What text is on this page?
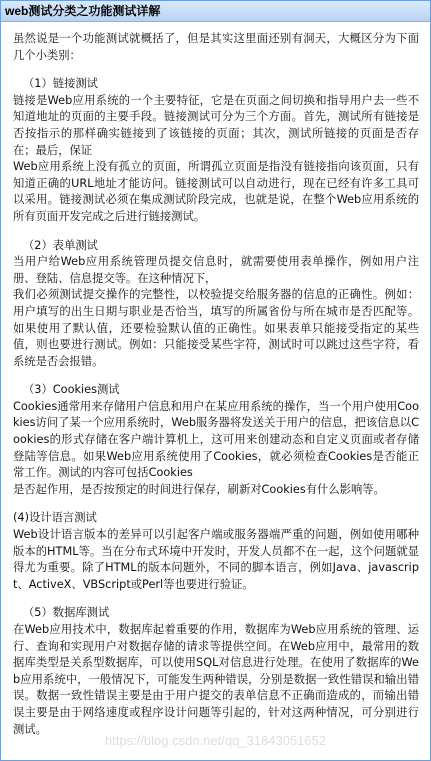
web测试分类之功能测试详解
虽然说是一个功能测试就概括了，但是其实这里面还别有洞天，大概区分为下面几个小类别：
（1）链接测试
链接是Web应用系统的一个主要特征，它是在页面之间切换和指导用户去一些不知道地址的页面的主要手段。链接测试可分为三个方面。首先，测试所有链接是否按指示的那样确实链接到了该链接的页面；其次，测试所链接的页面是否存在；最后，保证
Web应用系统上没有孤立的页面，所谓孤立页面是指没有链接指向该页面，只有知道正确的URL地址才能访问。链接测试可以自动进行，现在已经有许多工具可以采用。链接测试必须在集成测试阶段完成，也就是说，在整个Web应用系统的所有页面开发完成之后进行链接测试。
（2）表单测试
当用户给Web应用系统管理员提交信息时，就需要使用表单操作，例如用户注册、登陆、信息提交等。在这种情况下，
我们必须测试提交操作的完整性，以校验提交给服务器的信息的正确性。例如：用户填写的出生日期与职业是否恰当，填写的所属省份与所在城市是否匹配等。如果使用了默认值，还要检验默认值的正确性。如果表单只能接受指定的某些值，则也要进行测试。例如：只能接受某些字符，测试时可以跳过这些字符，看系统是否会报错。
（3）Cookies测试
Cookies通常用来存储用户信息和用户在某应用系统的操作，当一个用户使用Cookies访问了某一个应用系统时，Web服务器将发送关于用户的信息，把该信息以Cookies的形式存储在客户端计算机上，这可用来创建动态和自定义页面或者存储登陆等信息。如果Web应用系统使用了Cookies，就必须检查Cookies是否能正常工作。测试的内容可包括Cookies
是否起作用，是否按预定的时间进行保存，刷新对Cookies有什么影响等。
(4)设计语言测试
Web设计语言版本的差异可以引起客户端或服务器端严重的问题，例如使用哪种版本的HTML等。当在分布式环境中开发时，开发人员都不在一起，这个问题就显得尤为重要。除了HTML的版本问题外，不同的脚本语言，例如Java、javascript、ActiveX、VBScript或Perl等也要进行验证。
（5）数据库测试
在Web应用技术中，数据库起着重要的作用，数据库为Web应用系统的管理、运行、查询和实现用户对数据存储的请求等提供空间。在Web应用中，最常用的数据库类型是关系型数据库，可以使用SQL对信息进行处理。在使用了数据库的Web应用系统中，一般情况下，可能发生两种错误，分别是数据一致性错误和输出错误。数据一致性错误主要是由于用户提交的表单信息不正确而造成的，而输出错误主要是由于网络速度或程序设计问题等引起的，针对这两种情况，可分别进行测试。
https://blog.csdn.net/qq_31843051652
